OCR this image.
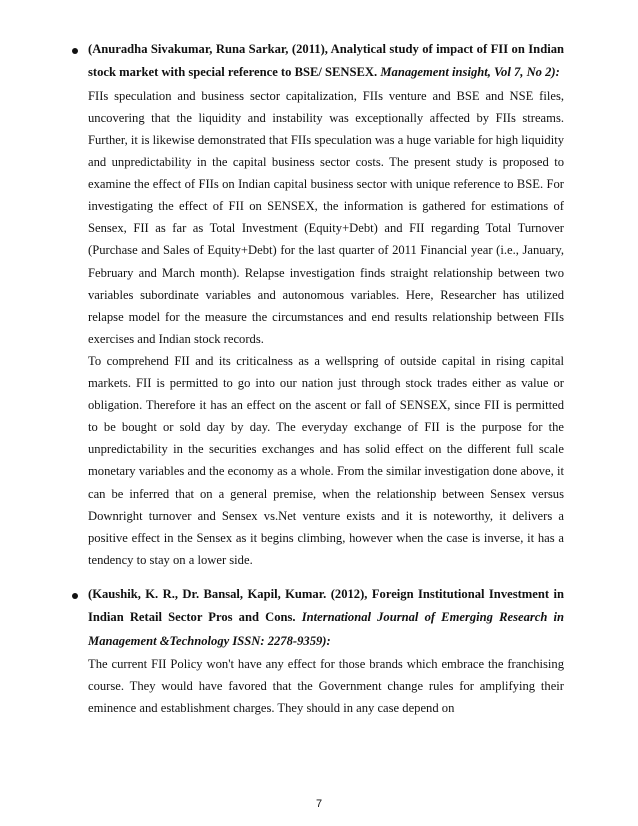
(Anuradha Sivakumar, Runa Sarkar, (2011), Analytical study of impact of FII on Indian stock market with special reference to BSE/ SENSEX. Management insight, Vol 7, No 2):

FIIs speculation and business sector capitalization, FIIs venture and BSE and NSE files, uncovering that the liquidity and instability was exceptionally affected by FIIs streams. Further, it is likewise demonstrated that FIIs speculation was a huge variable for high liquidity and unpredictability in the capital business sector costs. The present study is proposed to examine the effect of FIIs on Indian capital business sector with unique reference to BSE. For investigating the effect of FII on SENSEX, the information is gathered for estimations of Sensex, FII as far as Total Investment (Equity+Debt) and FII regarding Total Turnover (Purchase and Sales of Equity+Debt) for the last quarter of 2011 Financial year (i.e., January, February and March month). Relapse investigation finds straight relationship between two variables subordinate variables and autonomous variables. Here, Researcher has utilized relapse model for the measure the circumstances and end results relationship between FIIs exercises and Indian stock records.

To comprehend FII and its criticalness as a wellspring of outside capital in rising capital markets. FII is permitted to go into our nation just through stock trades either as value or obligation. Therefore it has an effect on the ascent or fall of SENSEX, since FII is permitted to be bought or sold day by day. The everyday exchange of FII is the purpose for the unpredictability in the securities exchanges and has solid effect on the different full scale monetary variables and the economy as a whole. From the similar investigation done above, it can be inferred that on a general premise, when the relationship between Sensex versus Downright turnover and Sensex vs.Net venture exists and it is noteworthy, it delivers a positive effect in the Sensex as it begins climbing, however when the case is inverse, it has a tendency to stay on a lower side.

(Kaushik, K. R., Dr. Bansal, Kapil, Kumar. (2012), Foreign Institutional Investment in Indian Retail Sector Pros and Cons. International Journal of Emerging Research in Management &Technology ISSN: 2278-9359):

The current FII Policy won't have any effect for those brands which embrace the franchising course. They would have favored that the Government change rules for amplifying their eminence and establishment charges. They should in any case depend on

7
